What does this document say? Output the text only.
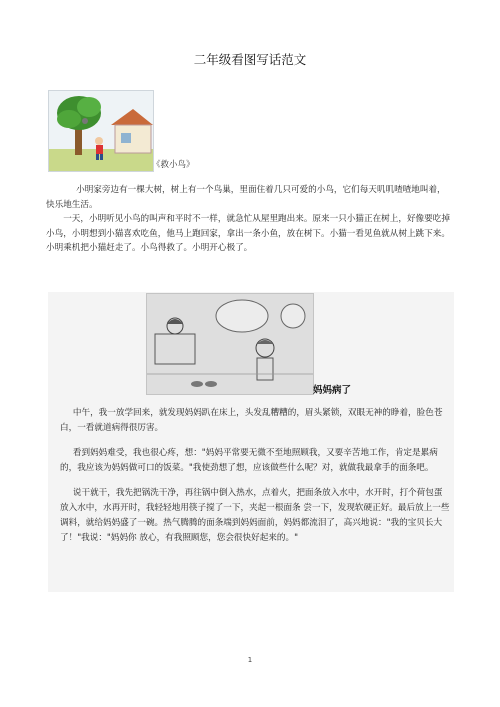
二年级看图写话范文
《救小鸟》

小明家旁边有一棵大树，树上有一个鸟巢，里面住着几只可爱的小鸟，它们每天叽叽喳喳地叫着，快乐地生活。

一天，小明听见小鸟的叫声和平时不一样，就急忙从屋里跑出来。原来一只小猫正在树上，好像要吃掉小鸟，小明想到小猫喜欢吃鱼，他马上跑回家，拿出一条小鱼，放在树下。小猫一看见鱼就从树上跳下来。小明乘机把小猫赶走了。小鸟得救了。小明开心极了。

妈妈病了

中午，我一放学回来，就发现妈妈趴在床上，头发乱糟糟的，眉头紧锁，双眼无神的睁着，脸色苍白，一看就道病得很厉害。

看到妈妈难受，我也很心疼，想："妈妈平常要无微不至地照顾我，又要辛苦地工作，肯定是累病的，我应该为妈妈做可口的饭菜。"我使劲想了想，应该做些什么呢？对，就做我最拿手的面条吧。

说干就干，我先把锅洗干净，再往锅中倒入热水，点着火，把面条放入水中，水开时，打个荷包蛋放入水中，水再开时，我轻轻地用筷子搅了一下，夹起一根面条 尝一下，发现软硬正好。最后放上一些调料，就给妈妈盛了一碗。热气腾腾的面条端到妈妈面前，妈妈都流泪了，高兴地说："我的宝贝长大了！"我说："妈妈你 放心，有我照顾您，您会很快好起来的。"

1
